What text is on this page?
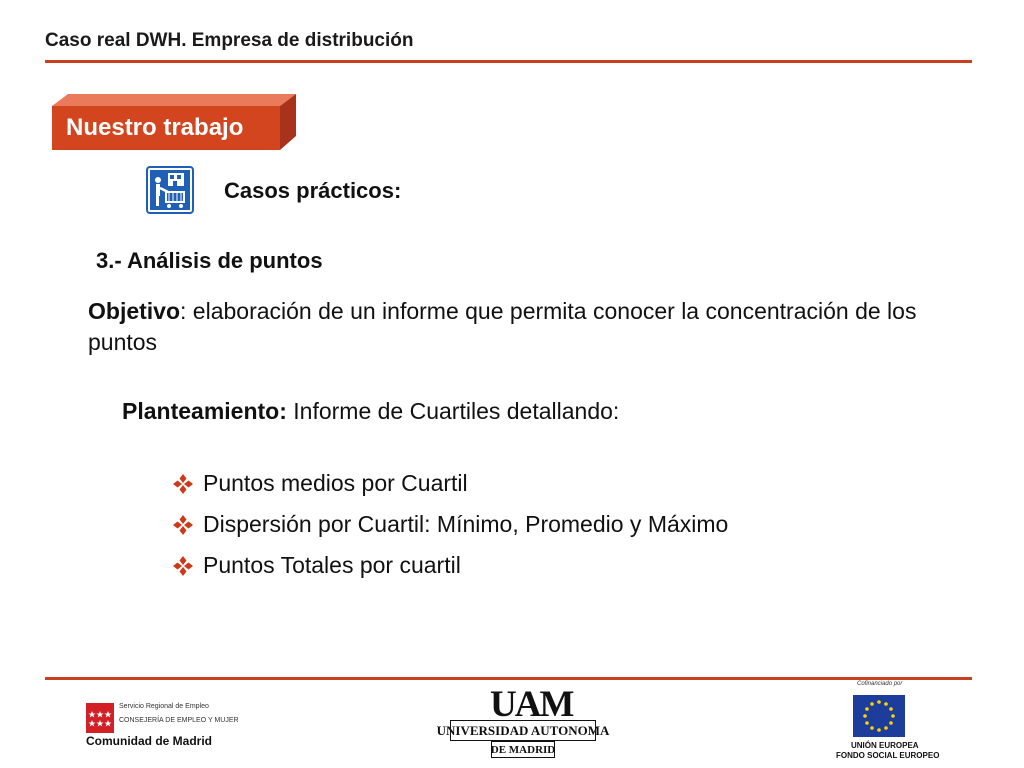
Caso real DWH. Empresa de distribución
Nuestro trabajo
Casos prácticos:
3.- Análisis de puntos
Objetivo: elaboración de un informe que permita conocer la concentración de los puntos
Planteamiento: Informe de Cuartiles detallando:
Puntos medios por Cuartil
Dispersión por Cuartil: Mínimo, Promedio y Máximo
Puntos Totales por cuartil
Servicio Regional de Empleo
CONSEJERÍA DE EMPLEO Y MUJER
Comunidad de Madrid
UAM
UNIVERSIDAD AUTONOMA
DE MADRID
Cofinanciado por
UNIÓN EUROPEA
FONDO SOCIAL EUROPEO
